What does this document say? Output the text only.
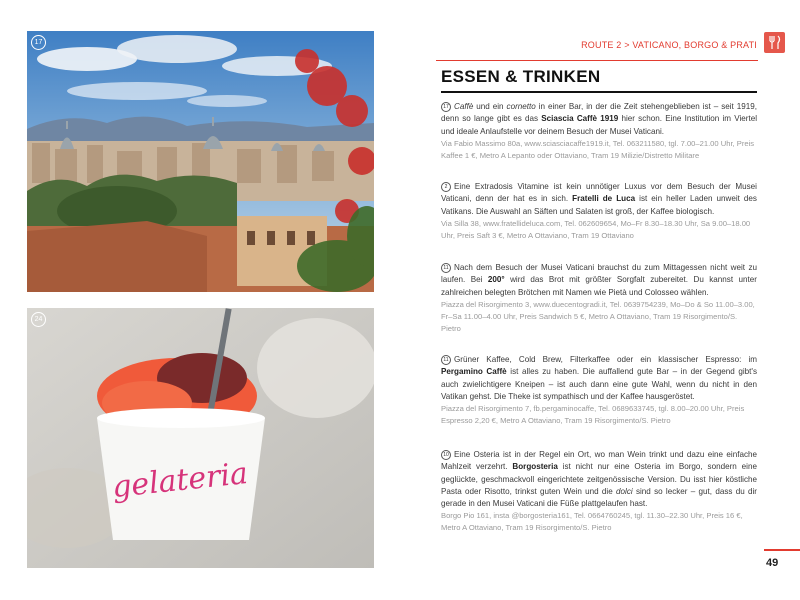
17
gelateria
24
ROUTE 2 > VATICANO, BORGO & PRATI
ESSEN & TRINKEN

17 Caffè und ein cornetto in einer Bar, in der die Zeit stehengeblieben ist – seit 1919, denn so lange gibt es das Sciascia Caffè 1919 hier schon. Eine Institution im Viertel und ideale Anlaufstelle vor deinem Besuch der Musei Vaticani.

Via Fabio Massimo 80a, www.sciasciacaffe1919.it, Tel. 063211580, tgl. 7.00–21.00 Uhr, Preis Kaffee 1 €, Metro A Lepanto oder Ottaviano, Tram 19 Milizie/Distretto Militare

2 Eine Extradosis Vitamine ist kein unnötiger Luxus vor dem Besuch der Musei Vaticani, denn der hat es in sich. Fratelli de Luca ist ein heller Laden unweit des Vatikans. Die Auswahl an Säften und Salaten ist groß, der Kaffee biologisch.

Via Silla 38, www.fratellideluca.com, Tel. 062609654, Mo–Fr 8.30–18.30 Uhr, Sa 9.00–18.00 Uhr, Preis Saft 3 €, Metro A Ottaviano, Tram 19 Ottaviano

11 Nach dem Besuch der Musei Vaticani brauchst du zum Mittagessen nicht weit zu laufen. Bei 200° wird das Brot mit größter Sorgfalt zubereitet. Du kannst unter zahlreichen belegten Brötchen mit Namen wie Pietà und Colosseo wählen.

Piazza del Risorgimento 3, www.duecentogradi.it, Tel. 0639754239, Mo–Do & So 11.00–3.00, Fr–Sa 11.00–4.00 Uhr, Preis Sandwich 5 €, Metro A Ottaviano, Tram 19 Risorgimento/S. Pietro

11 Grüner Kaffee, Cold Brew, Filterkaffee oder ein klassischer Espresso: im Pergamino Caffè ist alles zu haben. Die auffallend gute Bar – in der Gegend gibt's auch zwielichtigere Kneipen – ist auch dann eine gute Wahl, wenn du nicht in den Vatikan gehst. Die Theke ist sympathisch und der Kaffee hausgeröstet.

Piazza del Risorgimento 7, fb.pergaminocaffe, Tel. 0689633745, tgl. 8.00–20.00 Uhr, Preis Espresso 2,20 €, Metro A Ottaviano, Tram 19 Risorgimento/S. Pietro

10 Eine Osteria ist in der Regel ein Ort, wo man Wein trinkt und dazu eine einfache Mahlzeit verzehrt. Borgosteria ist nicht nur eine Osteria im Borgo, sondern eine geglückte, geschmackvoll eingerichtete zeitgenössische Version. Du isst hier köstliche Pasta oder Risotto, trinkst guten Wein und die dolci sind so lecker – gut, dass du dir gerade in den Musei Vaticani die Füße plattgelaufen hast.

Borgo Pio 161, insta @borgosteria161, Tel. 0664760245, tgl. 11.30–22.30 Uhr, Preis 16 €, Metro A Ottaviano, Tram 19 Risorgimento/S. Pietro

49
